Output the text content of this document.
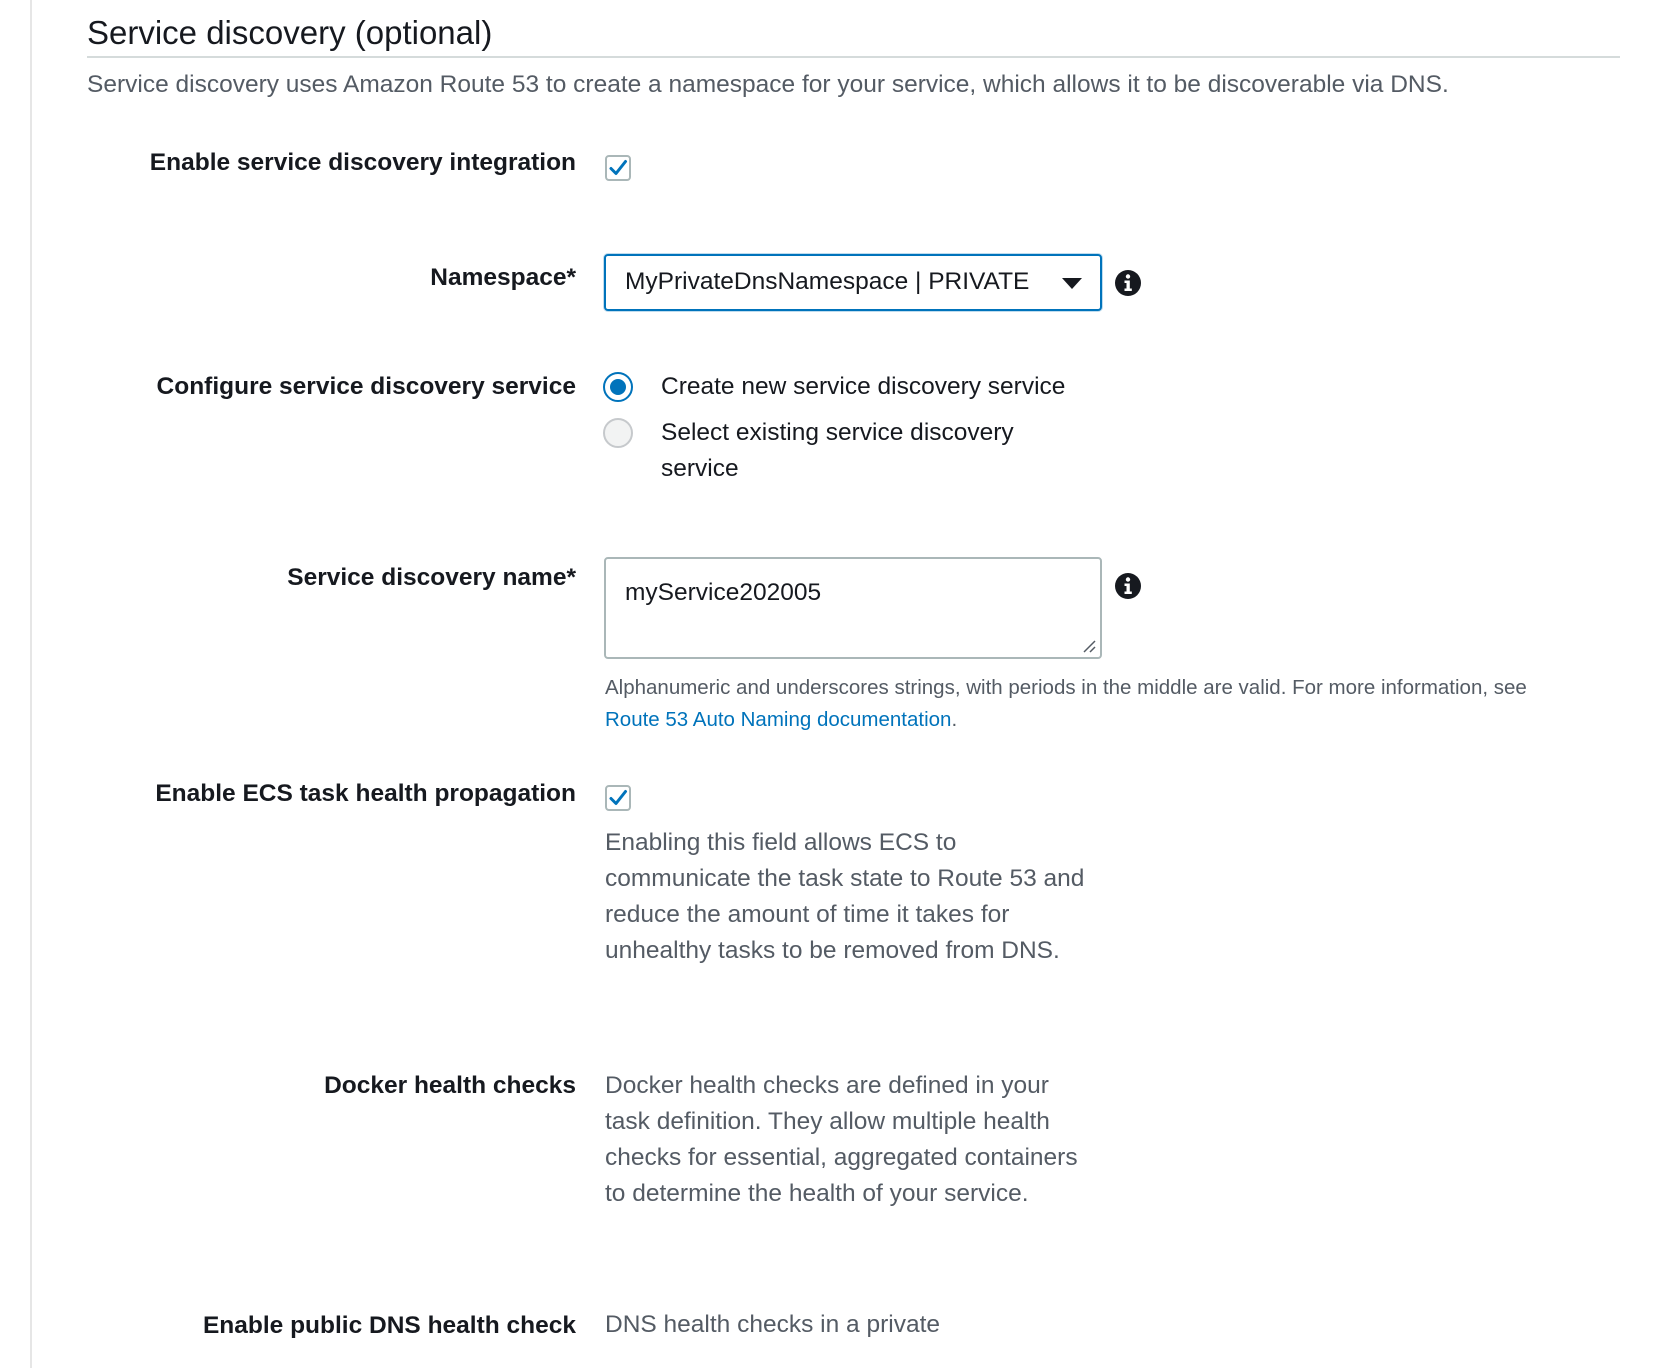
Service discovery (optional)
Service discovery uses Amazon Route 53 to create a namespace for your service, which allows it to be discoverable via DNS.
Enable service discovery integration
Namespace* MyPrivateDnsNamespace | PRIVATE
Configure service discovery service	Create new service discovery service
Select existing service discovery service
Service discovery name*
myService202005
Alphanumeric and underscores strings, with periods in the middle are valid. For more information, see
Route 53 Auto Naming documentation.
Enable ECS task health propagation
Enabling this field allows ECS to communicate the task state to Route 53 and reduce the amount of time it takes for unhealthy tasks to be removed from DNS.
Docker health checks Docker health checks are defined in your task definition. They allow multiple health checks for essential, aggregated containers to determine the health of your service.
Enable public DNS health check DNS health checks in a private
